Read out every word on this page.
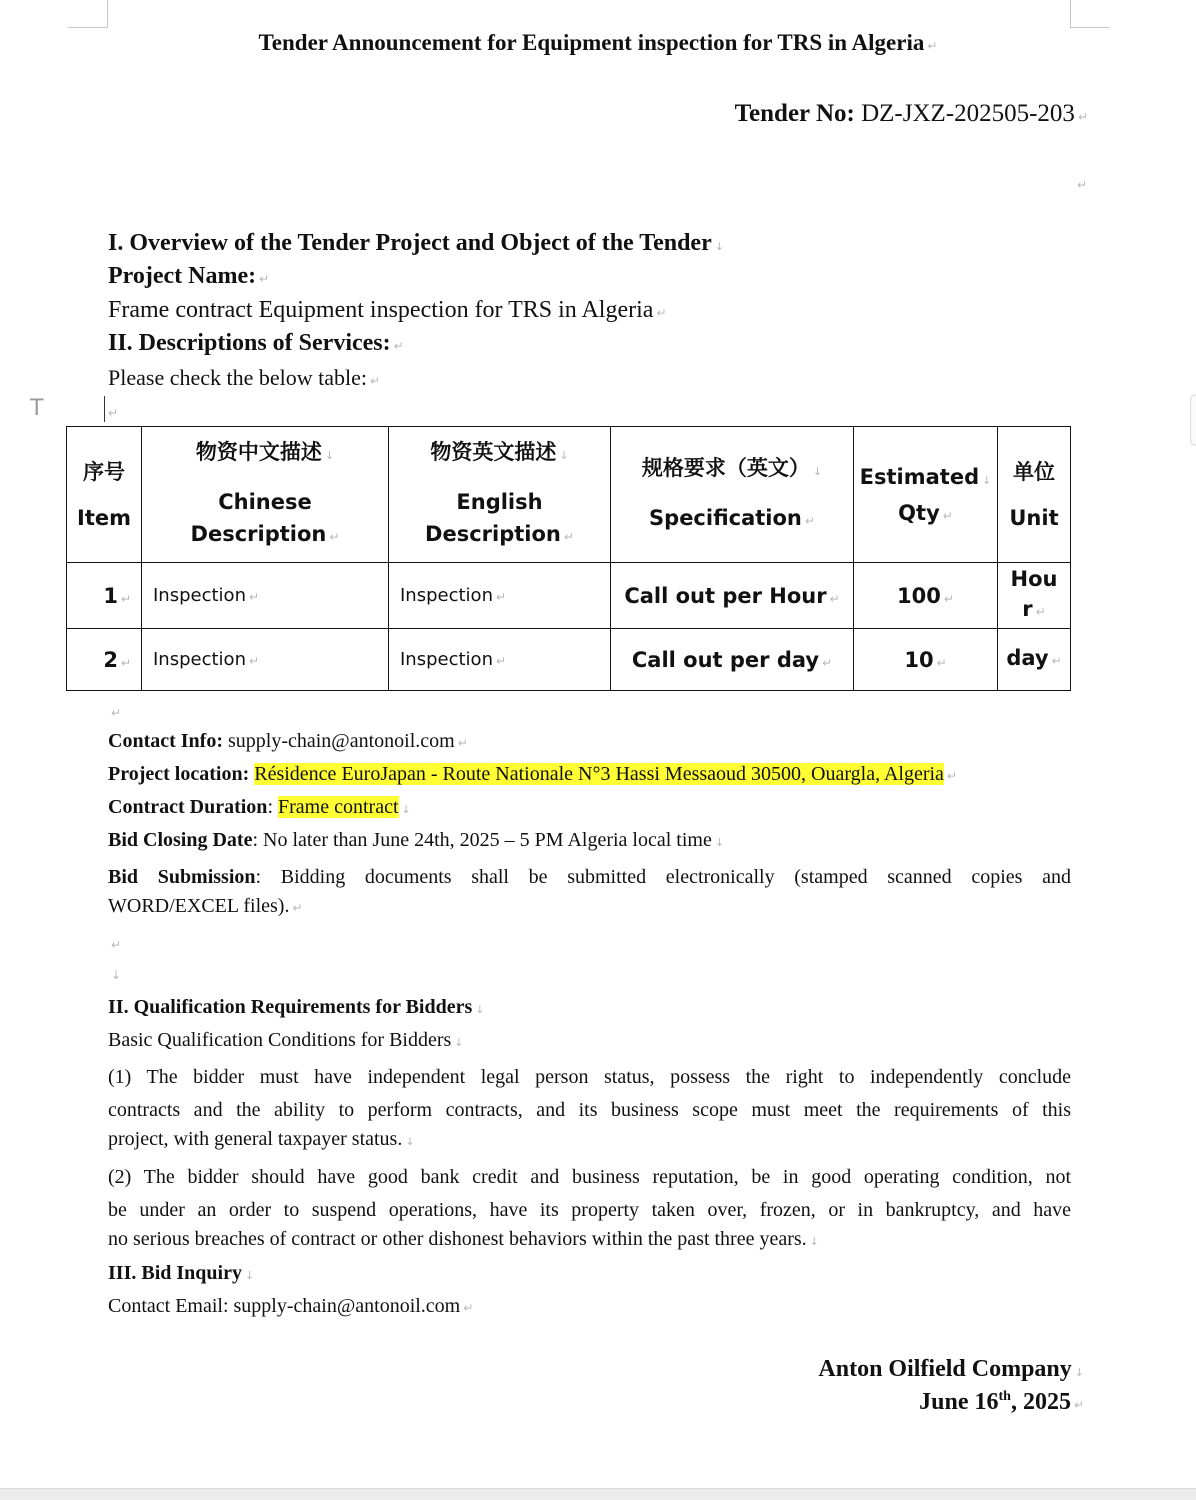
T
Tender Announcement for Equipment inspection for TRS in Algeria ↵
Tender No: DZ-JXZ-202505-203 ↵
↵
I. Overview of the Tender Project and Object of the Tender ↓
Project Name: ↵
Frame contract Equipment inspection for TRS in Algeria ↵
II. Descriptions of Services: ↵
Please check the below table: ↵
↵
序号
Item	物资中文描述 ↓
Chinese
Description ↵	物资英文描述 ↓
English
Description ↵	规格要求（英文） ↓
Specification ↵	Estimated ↓
Qty ↵	单位
Unit
1 ↵	Inspection ↵	Inspection ↵	Call out per Hour ↵	100 ↵	Hou
r ↵
2 ↵	Inspection ↵	Inspection ↵	Call out per day ↵	10 ↵	day ↵
↵
Contact Info: supply-chain@antonoil.com ↵
Project location: Résidence EuroJapan - Route Nationale N°3 Hassi Messaoud 30500, Ouargla, Algeria ↵
Contract Duration: Frame contract ↓
Bid Closing Date: No later than June 24th, 2025 – 5 PM Algeria local time ↓
Bid Submission: Bidding documents shall be submitted electronically (stamped scanned copies and
WORD/EXCEL files). ↵
↵
↓
II. Qualification Requirements for Bidders ↓
Basic Qualification Conditions for Bidders ↓
(1) The bidder must have independent legal person status, possess the right to independently conclude
contracts and the ability to perform contracts, and its business scope must meet the requirements of this
project, with general taxpayer status. ↓
(2) The bidder should have good bank credit and business reputation, be in good operating condition, not
be under an order to suspend operations, have its property taken over, frozen, or in bankruptcy, and have
no serious breaches of contract or other dishonest behaviors within the past three years. ↓
III. Bid Inquiry ↓
Contact Email: supply-chain@antonoil.com ↵
Anton Oilfield Company ↓
June 16th, 2025 ↵
